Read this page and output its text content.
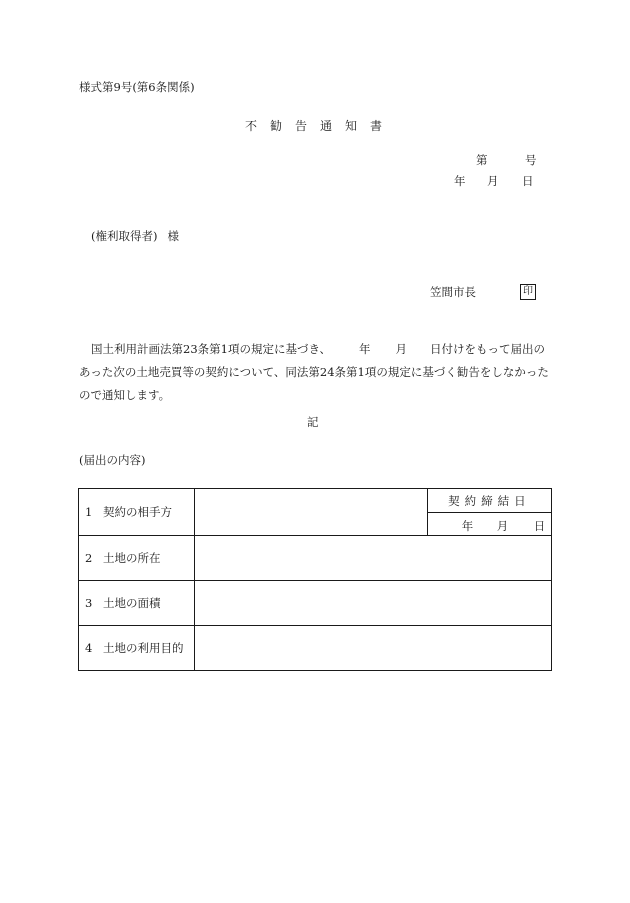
様式第9号(第6条関係)
不勧告通知書
第	号
年 月 日
(権利取得者) 様
笠間市長	印
国土利用計画法第23条第1項の規定に基づき、 年 月 日付けをもって届出の
あった次の土地売買等の契約について、同法第24条第1項の規定に基づく勧告をしなかった
ので通知します。
記
(届出の内容)
1 契約の相手方		契約締結日

		年 月 日

2 土地の所在		
3 土地の面積		
4 土地の利用目的		
